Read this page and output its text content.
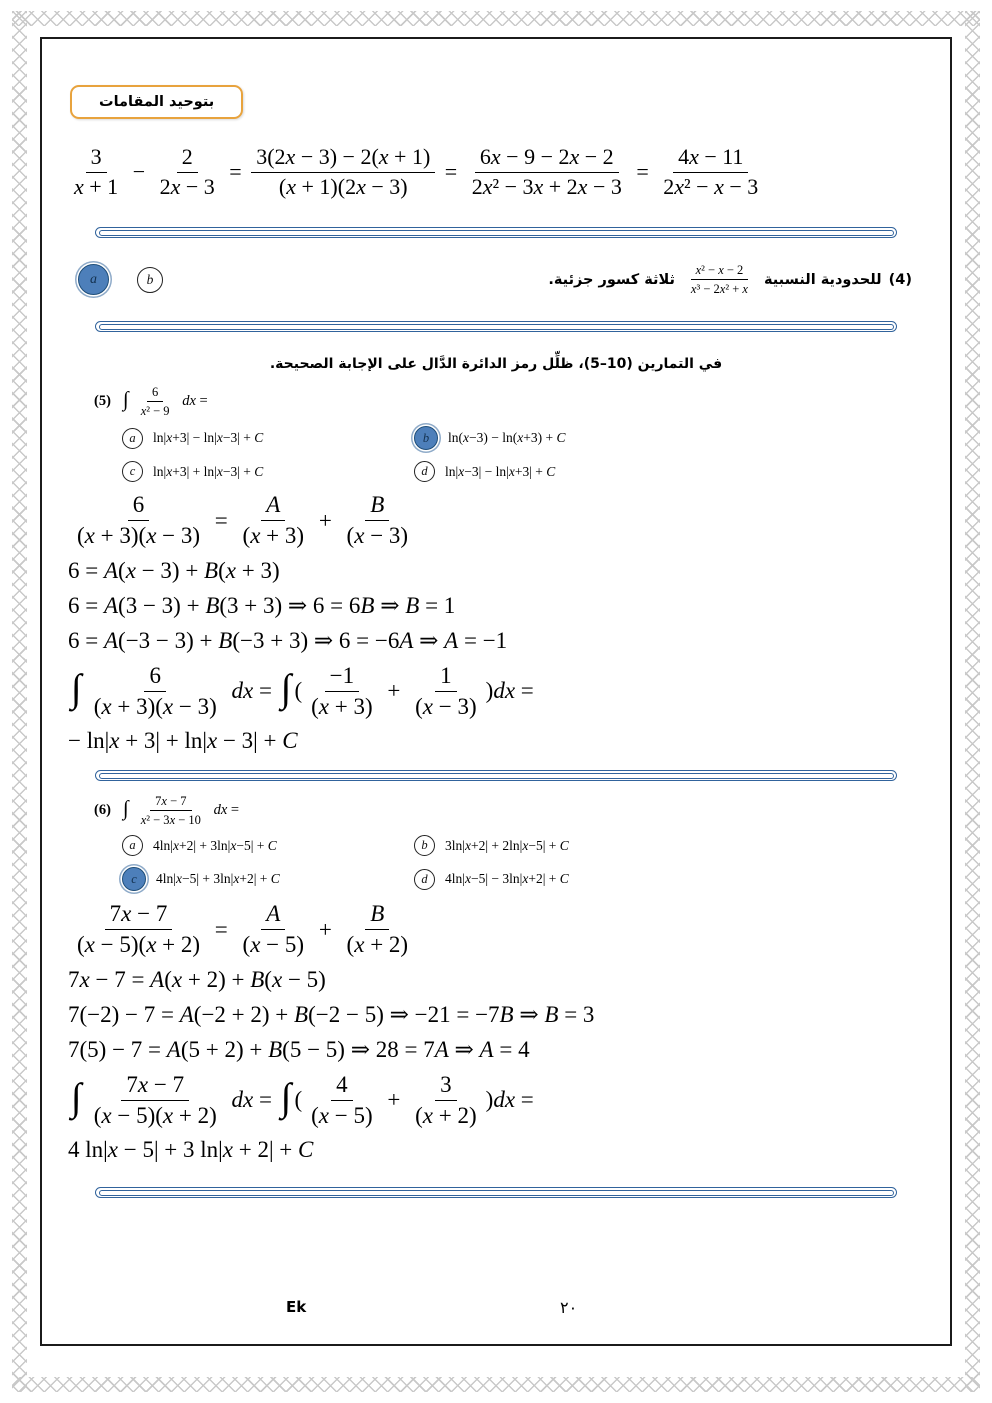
بتوحيد المقامات
$\frac{3}{x + 1} - \frac{2}{2x - 3} = \frac{3(2x - 3) - 2(x + 1)}{(x + 1)(2x - 3)} = \frac{6x - 9 - 2x - 2}{\text{2x² − 3x + 2x − 3}} = \frac{4x - 11}{\text{2x² − x − 3}}$
a	b	(4)
للحدودية النسبية
$\frac{\text{x² − x − 2}}{\text{x³ − 2x² + x}}$
ثلاثة كسور جزئية.
في التمارين (10–5)، ظلِّل رمز الدائرة الدَّال على الإجابة الصحيحة.
(5) ∫ $\frac{6}{\text{x² − 9}}$ dx =
a ln|x+3| − ln|x−3| + C	b ln(x−3) − ln(x+3) + C
c ln|x+3| + ln|x−3| + C	d ln|x−3| − ln|x+3| + C
$\frac{6}{(x + 3)(x - 3)} = \frac{A}{(x + 3)} + \frac{B}{(x - 3)}$
6 = A(x − 3) + B(x + 3)
6 = A(3 − 3) + B(3 + 3) ⇒ 6 = 6B ⇒ B = 1
6 = A(−3 − 3) + B(−3 + 3) ⇒ 6 = −6A ⇒ A = −1
∫ $\frac{6}{(x + 3)(x - 3)}$ dx = ∫ ( $\frac{-1}{(x + 3)} + \frac{1}{(x - 3)} )dx$ =
− ln|x + 3| + ln|x − 3| + C
(6) ∫ $\frac{7x - 7}{\text{x² − 3x − 10}}$ dx =
a 4ln|x+2| + 3ln|x−5| + C	b 3ln|x+2| + 2ln|x−5| + C
c 4ln|x−5| + 3ln|x+2| + C	d 4ln|x−5| − 3ln|x+2| + C
$\frac{7x - 7}{(x - 5)(x + 2)} = \frac{A}{(x - 5)} + \frac{B}{(x + 2)}$
7x − 7 = A(x + 2) + B(x − 5)
7(−2) − 7 = A(−2 + 2) + B(−2 − 5) ⇒ −21 = −7B ⇒ B = 3
7(5) − 7 = A(5 + 2) + B(5 − 5) ⇒ 28 = 7A ⇒ A = 4
∫ $\frac{7x - 7}{(x - 5)(x + 2)}$ dx = ∫ ( $\frac{4}{(x - 5)} + \frac{3}{(x + 2)} )dx$ =
4 ln|x − 5| + 3 ln|x + 2| + C
Ek	٢٠
